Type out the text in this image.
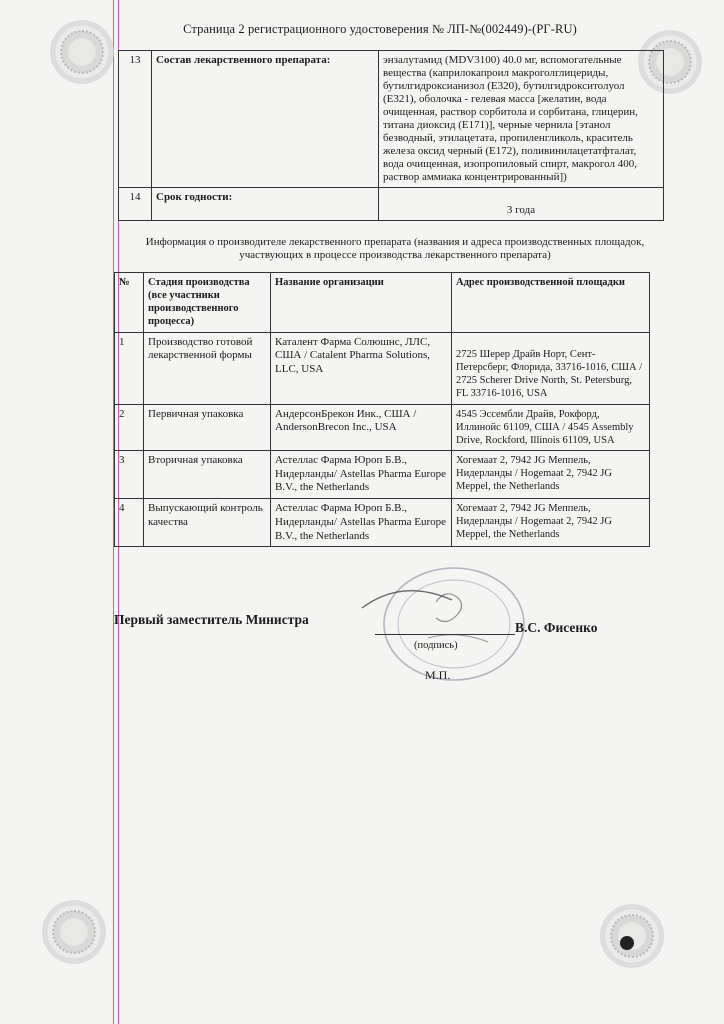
Страница 2 регистрационного удостоверения № ЛП-№(002449)-(РГ-RU)
13	Состав лекарственного препарата:	энзалутамид (MDV3100) 40.0 мг, вспомогательные вещества (каприлокапроил макроголглицериды, бутилгидроксианизол (Е320), бутилгидрокситолуол (Е321), оболочка - гелевая масса [желатин, вода очищенная, раствор сорбитола и сорбитана, глицерин, титана диоксид (Е171)], черные чернила [этанол безводный, этилацетата, пропиленгликоль, краситель железа оксид черный (Е172), поливинилацетатфталат, вода очищенная, изопропиловый спирт, макрогол 400, раствор аммиака концентрированный])
14	Срок годности:	3 года
Информация о производителе лекарственного препарата (названия и адреса производственных площадок, участвующих в процессе производства лекарственного препарата)
№	Стадия производства (все участники производственного процесса)	Название организации	Адрес производственной площадки
1	Производство готовой лекарственной формы	Каталент Фарма Солюшнс, ЛЛС, США / Catalent Pharma Solutions, LLC, USA	2725 Шерер Драйв Норт, Сент-Петерсберг, Флорида, 33716-1016, США / 2725 Scherer Drive North, St. Petersburg, FL 33716-1016, USA
2	Первичная упаковка	АндерсонБрекон Инк., США / AndersonBrecon Inc., USA	4545 Эссембли Драйв, Рокфорд, Иллинойс 61109, США / 4545 Assembly Drive, Rockford, Illinois 61109, USA
3	Вторичная упаковка	Астеллас Фарма Юроп Б.В., Нидерланды/ Astellas Pharma Europe B.V., the Netherlands	Хогемаат 2, 7942 JG Меппель, Нидерланды / Hogemaat 2, 7942 JG Meppel, the Netherlands
4	Выпускающий контроль качества	Астеллас Фарма Юроп Б.В., Нидерланды/ Astellas Pharma Europe B.V., the Netherlands	Хогемаат 2, 7942 JG Меппель, Нидерланды / Hogemaat 2, 7942 JG Meppel, the Netherlands
Первый заместитель Министра
В.С. Фисенко
(подпись)
М.П.
